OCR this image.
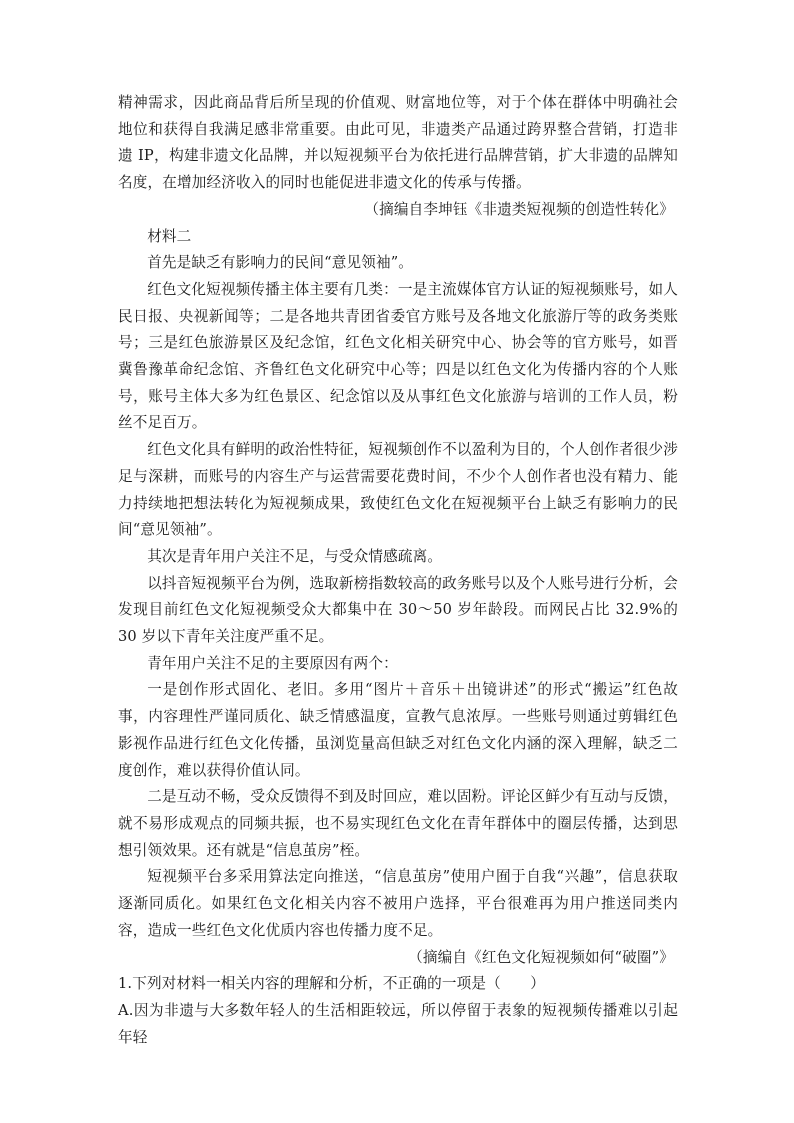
精神需求，因此商品背后所呈现的价值观、财富地位等，对于个体在群体中明确社会地位和获得自我满足感非常重要。由此可见，非遗类产品通过跨界整合营销，打造非遗 IP，构建非遗文化品牌，并以短视频平台为依托进行品牌营销，扩大非遗的品牌知名度，在增加经济收入的同时也能促进非遗文化的传承与传播。

（摘编自李坤钰《非遗类短视频的创造性转化》

材料二

首先是缺乏有影响力的民间“意见领袖”。

红色文化短视频传播主体主要有几类：一是主流媒体官方认证的短视频账号，如人民日报、央视新闻等；二是各地共青团省委官方账号及各地文化旅游厅等的政务类账号；三是红色旅游景区及纪念馆，红色文化相关研究中心、协会等的官方账号，如晋冀鲁豫革命纪念馆、齐鲁红色文化研究中心等；四是以红色文化为传播内容的个人账号，账号主体大多为红色景区、纪念馆以及从事红色文化旅游与培训的工作人员，粉丝不足百万。

红色文化具有鲜明的政治性特征，短视频创作不以盈利为目的，个人创作者很少涉足与深耕，而账号的内容生产与运营需要花费时间，不少个人创作者也没有精力、能力持续地把想法转化为短视频成果，致使红色文化在短视频平台上缺乏有影响力的民间“意见领袖”。

其次是青年用户关注不足，与受众情感疏离。

以抖音短视频平台为例，选取新榜指数较高的政务账号以及个人账号进行分析，会发现目前红色文化短视频受众大都集中在 30～50 岁年龄段。而网民占比 32.9%的 30 岁以下青年关注度严重不足。

青年用户关注不足的主要原因有两个：

一是创作形式固化、老旧。多用“图片＋音乐＋出镜讲述”的形式“搬运”红色故事，内容理性严谨同质化、缺乏情感温度，宣教气息浓厚。一些账号则通过剪辑红色影视作品进行红色文化传播，虽浏览量高但缺乏对红色文化内涵的深入理解，缺乏二度创作，难以获得价值认同。

二是互动不畅，受众反馈得不到及时回应，难以固粉。评论区鲜少有互动与反馈，就不易形成观点的同频共振，也不易实现红色文化在青年群体中的圈层传播，达到思想引领效果。还有就是“信息茧房”桎。

短视频平台多采用算法定向推送，“信息茧房”使用户囿于自我“兴趣”，信息获取逐渐同质化。如果红色文化相关内容不被用户选择，平台很难再为用户推送同类内容，造成一些红色文化优质内容也传播力度不足。

（摘编自《红色文化短视频如何“破圈”》

1.下列对材料一相关内容的理解和分析，不正确的一项是（　　）

A.因为非遗与大多数年轻人的生活相距较远，所以停留于表象的短视频传播难以引起年轻
